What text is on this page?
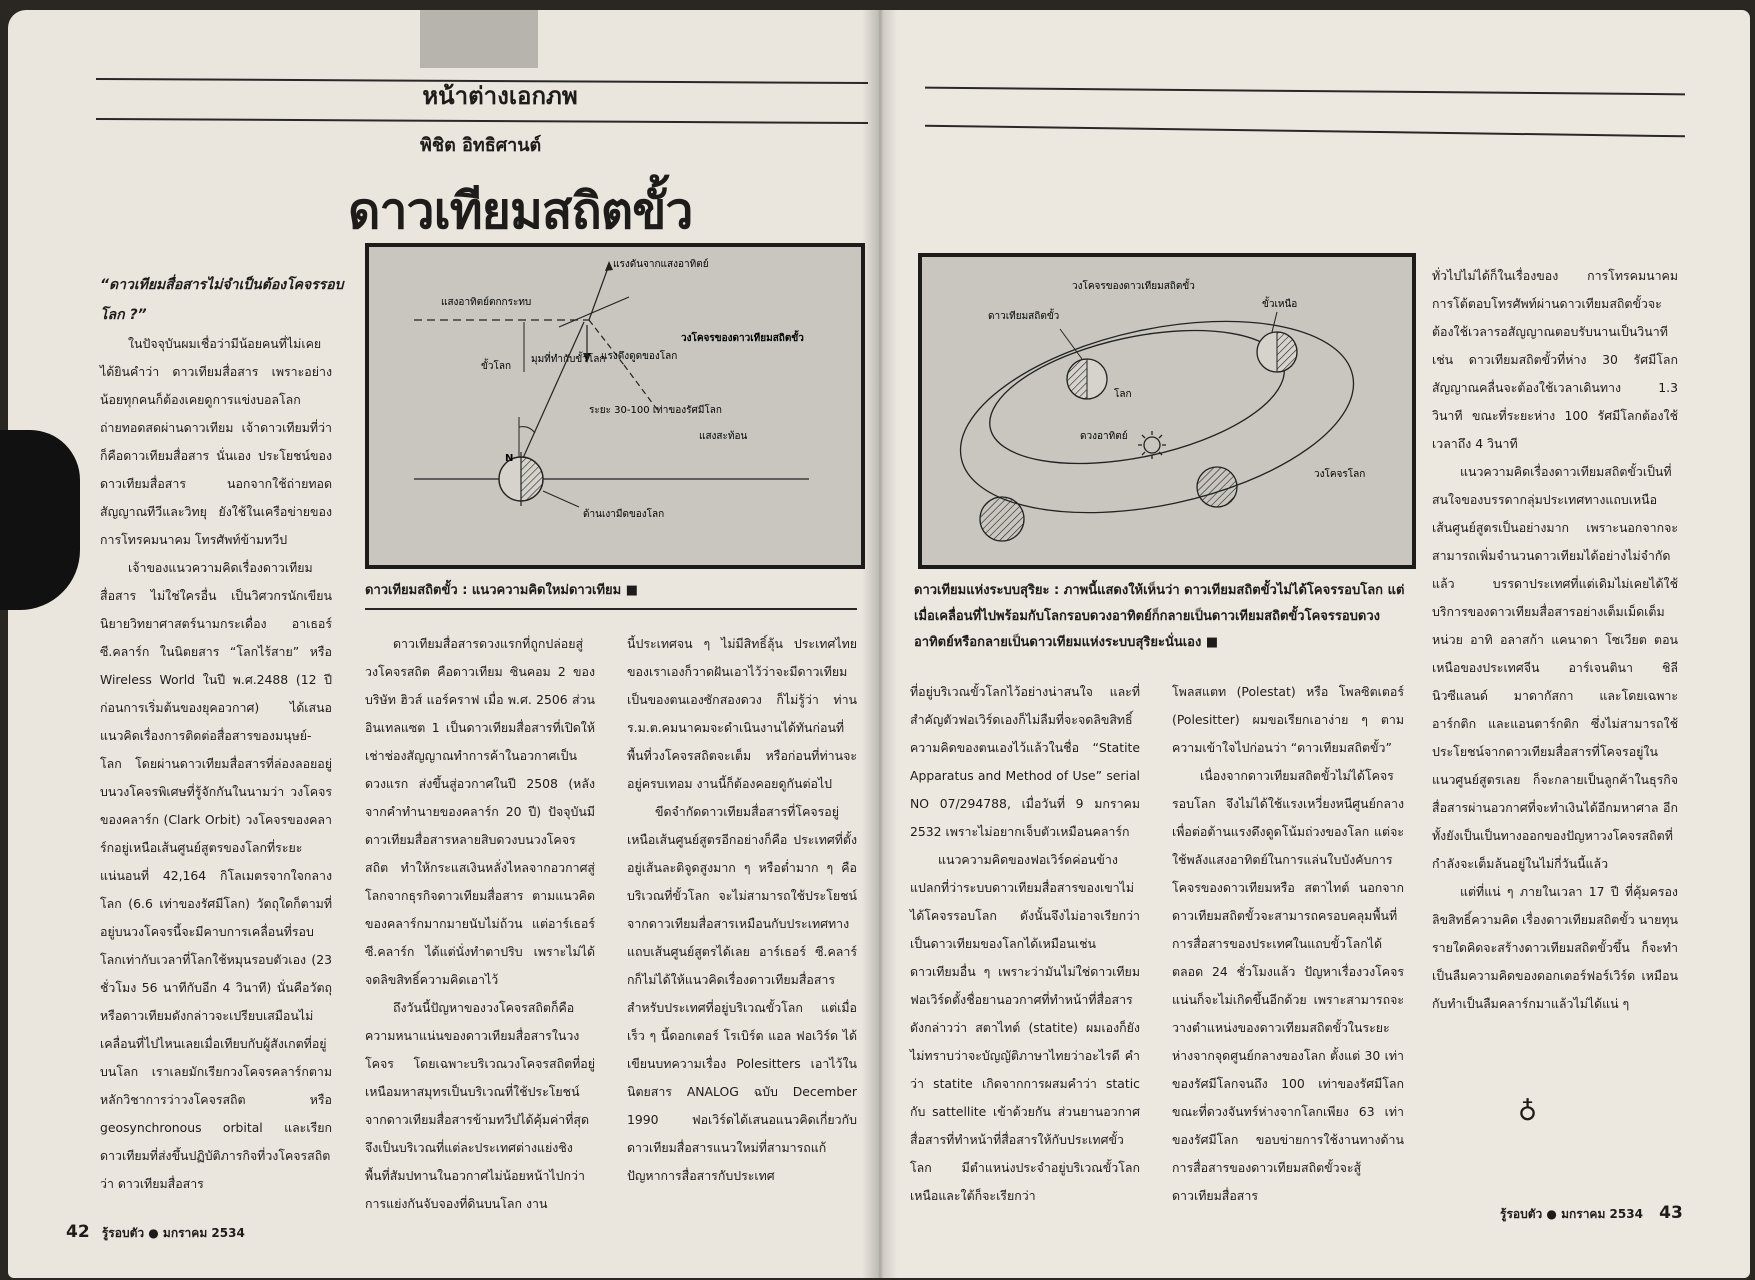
หน้าต่างเอกภพ
พิชิต อิทธิศานต์
ดาวเทียมสถิตขั้ว
“ดาวเทียมสื่อสารไม่จำเป็นต้องโคจรรอบโลก ?”

ในปัจจุบันผมเชื่อว่ามีน้อยคนที่ไม่เคยได้ยินคำว่า ดาวเทียมสื่อสาร เพราะอย่างน้อยทุกคนก็ต้องเคยดูการแข่งบอลโลกถ่ายทอดสดผ่านดาวเทียม เจ้าดาวเทียมที่ว่าก็คือดาวเทียมสื่อสาร นั่นเอง ประโยชน์ของดาวเทียมสื่อสาร นอกจากใช้ถ่ายทอดสัญญาณทีวีและวิทยุ ยังใช้ในเครือข่ายของการโทรคมนาคม โทรศัพท์ข้ามทวีป

เจ้าของแนวความคิดเรื่องดาวเทียมสื่อสาร ไม่ใช่ใครอื่น เป็นวิศวกรนักเขียนนิยายวิทยาศาสตร์นามกระเดื่อง อาเธอร์ ซี.คลาร์ก ในนิตยสาร “โลกไร้สาย” หรือ Wireless World ในปี พ.ศ.2488 (12 ปีก่อนการเริ่มต้นของยุคอวกาศ) ได้เสนอแนวคิดเรื่องการติดต่อสื่อสารของมนุษย์-โลก โดยผ่านดาวเทียมสื่อสารที่ล่องลอยอยู่บนวงโคจรพิเศษที่รู้จักกันในนามว่า วงโคจรของคลาร์ก (Clark Orbit) วงโคจรของคลาร์กอยู่เหนือเส้นศูนย์สูตรของโลกที่ระยะแน่นอนที่ 42,164 กิโลเมตรจากใจกลางโลก (6.6 เท่าของรัศมีโลก) วัตถุใดก็ตามที่อยู่บนวงโคจรนี้จะมีคาบการเคลื่อนที่รอบโลกเท่ากับเวลาที่โลกใช้หมุนรอบตัวเอง (23 ชั่วโมง 56 นาทีกับอีก 4 วินาที) นั่นคือวัตถุหรือดาวเทียมดังกล่าวจะเปรียบเสมือนไม่เคลื่อนที่ไปไหนเลยเมื่อเทียบกับผู้สังเกตที่อยู่บนโลก เราเลยมักเรียกวงโคจรคลาร์กตามหลักวิชาการว่าวงโคจรสถิต หรือ geosynchronous orbital และเรียกดาวเทียมที่ส่งขึ้นปฏิบัติภารกิจที่วงโคจรสถิตว่า ดาวเทียมสื่อสาร

แสงอาทิตย์ตกกระทบ
แรงดันจากแสงอาทิตย์
วงโคจรของดาวเทียมสถิตขั้ว
ขั้วโลก
มุมที่ทำกับขั้วโลก
แรงดึงดูดของโลก
ระยะ 30-100 เท่าของรัศมีโลก
แสงสะท้อน
N
ด้านเงามืดของโลก
ดาวเทียมสถิตขั้ว : แนวความคิดใหม่ดาวเทียม ■

ดาวเทียมสื่อสารดวงแรกที่ถูกปล่อยสู่วงโคจรสถิต คือดาวเทียม ซินคอม 2 ของบริษัท ฮิวส์ แอร์คราฟ เมื่อ พ.ศ. 2506 ส่วนอินเทลแซต 1 เป็นดาวเทียมสื่อสารที่เปิดให้เช่าช่องสัญญาณทำการค้าในอวกาศเป็นดวงแรก ส่งขึ้นสู่อวกาศในปี 2508 (หลังจากคำทำนายของคลาร์ก 20 ปี) ปัจจุบันมีดาวเทียมสื่อสารหลายสิบดวงบนวงโคจรสถิต ทำให้กระแสเงินหลั่งไหลจากอวกาศสู่โลกจากธุรกิจดาวเทียมสื่อสาร ตามแนวคิดของคลาร์กมากมายนับไม่ถ้วน แต่อาร์เธอร์ ซี.คลาร์ก ได้แต่นั่งทำตาปริบ เพราะไม่ได้จดลิขสิทธิ์ความคิดเอาไว้

ถึงวันนี้ปัญหาของวงโคจรสถิตก็คือ ความหนาแน่นของดาวเทียมสื่อสารในวงโคจร โดยเฉพาะบริเวณวงโคจรสถิตที่อยู่เหนือมหาสมุทรเป็นบริเวณที่ใช้ประโยชน์จากดาวเทียมสื่อสารข้ามทวีปได้คุ้มค่าที่สุด จึงเป็นบริเวณที่แต่ละประเทศต่างแย่งชิงพื้นที่สัมปทานในอวกาศไม่น้อยหน้าไปกว่าการแย่งกันจับจองที่ดินบนโลก งาน

นี้ประเทศจน ๆ ไม่มีสิทธิ์ลุ้น ประเทศไทยของเราเองก็วาดฝันเอาไว้ว่าจะมีดาวเทียมเป็นของตนเองซักสองดวง ก็ไม่รู้ว่า ท่าน ร.ม.ต.คมนาคมจะดำเนินงานได้ทันก่อนที่พื้นที่วงโคจรสถิตจะเต็ม หรือก่อนที่ท่านจะอยู่ครบเทอม งานนี้ก็ต้องคอยดูกันต่อไป

ขีดจำกัดดาวเทียมสื่อสารที่โคจรอยู่เหนือเส้นศูนย์สูตรอีกอย่างก็คือ ประเทศที่ตั้งอยู่เส้นละติจูดสูงมาก ๆ หรือต่ำมาก ๆ คือบริเวณที่ขั้วโลก จะไม่สามารถใช้ประโยชน์จากดาวเทียมสื่อสารเหมือนกับประเทศทางแถบเส้นศูนย์สูตรได้เลย อาร์เธอร์ ซี.คลาร์กก็ไม่ได้ให้แนวคิดเรื่องดาวเทียมสื่อสารสำหรับประเทศที่อยู่บริเวณขั้วโลก แต่เมื่อเร็ว ๆ นี้ดอกเตอร์ โรเบิร์ต แอล ฟอเวิร์ด ได้เขียนบทความเรื่อง Polesitters เอาไว้ในนิตยสาร ANALOG ฉบับ December 1990 ฟอเวิร์ดได้เสนอแนวคิดเกี่ยวกับดาวเทียมสื่อสารแนวใหม่ที่สามารถแก้ปัญหาการสื่อสารกับประเทศ

42 รู้รอบตัว ● มกราคม 2534
วงโคจรของดาวเทียมสถิตขั้ว
ดาวเทียมสถิตขั้ว
ขั้วเหนือ
โลก
ดวงอาทิตย์
วงโคจรโลก
ดาวเทียมแห่งระบบสุริยะ : ภาพนี้แสดงให้เห็นว่า ดาวเทียมสถิตขั้วไม่ได้โคจรรอบโลก แต่เมื่อเคลื่อนที่ไปพร้อมกับโลกรอบดวงอาทิตย์ก็กลายเป็นดาวเทียมสถิตขั้วโคจรรอบดวงอาทิตย์หรือกลายเป็นดาวเทียมแห่งระบบสุริยะนั่นเอง ■

ที่อยู่บริเวณขั้วโลกไว้อย่างน่าสนใจ และที่สำคัญตัวฟอเวิร์ดเองก็ไม่ลืมที่จะจดลิขสิทธิ์ความคิดของตนเองไว้แล้วในชื่อ “Statite Apparatus and Method of Use” serial NO 07/294788, เมื่อวันที่ 9 มกราคม 2532 เพราะไม่อยากเจ็บตัวเหมือนคลาร์ก

แนวความคิดของฟอเวิร์ดค่อนข้างแปลกที่ว่าระบบดาวเทียมสื่อสารของเขาไม่ได้โคจรรอบโลก ดังนั้นจึงไม่อาจเรียกว่าเป็นดาวเทียมของโลกได้เหมือนเช่นดาวเทียมอื่น ๆ เพราะว่ามันไม่ใช่ดาวเทียม ฟอเวิร์ดตั้งชื่อยานอวกาศที่ทำหน้าที่สื่อสารดังกล่าวว่า สตาไทต์ (statite) ผมเองก็ยังไม่ทราบว่าจะบัญญัติภาษาไทยว่าอะไรดี คำว่า statite เกิดจากการผสมคำว่า static กับ sattellite เข้าด้วยกัน ส่วนยานอวกาศสื่อสารที่ทำหน้าที่สื่อสารให้กับประเทศขั้วโลก มีตำแหน่งประจำอยู่บริเวณขั้วโลกเหนือและใต้ก็จะเรียกว่า

โพลสแตท (Polestat) หรือ โพลซิตเตอร์ (Polesitter) ผมขอเรียกเอาง่าย ๆ ตามความเข้าใจไปก่อนว่า “ดาวเทียมสถิตขั้ว”

เนื่องจากดาวเทียมสถิตขั้วไม่ได้โคจรรอบโลก จึงไม่ได้ใช้แรงเหวี่ยงหนีศูนย์กลางเพื่อต่อต้านแรงดึงดูดโน้มถ่วงของโลก แต่จะใช้พลังแสงอาทิตย์ในการแล่นใบบังคับการโคจรของดาวเทียมหรือ สตาไทต์ นอกจากดาวเทียมสถิตขั้วจะสามารถครอบคลุมพื้นที่การสื่อสารของประเทศในแถบขั้วโลกได้ตลอด 24 ชั่วโมงแล้ว ปัญหาเรื่องวงโคจรแน่นก็จะไม่เกิดขึ้นอีกด้วย เพราะสามารถจะวางตำแหน่งของดาวเทียมสถิตขั้วในระยะห่างจากจุดศูนย์กลางของโลก ตั้งแต่ 30 เท่าของรัศมีโลกจนถึง 100 เท่าของรัศมีโลก ขณะที่ดวงจันทร์ห่างจากโลกเพียง 63 เท่าของรัศมีโลก ขอบข่ายการใช้งานทางด้านการสื่อสารของดาวเทียมสถิตขั้วจะสู้ดาวเทียมสื่อสาร

ทั่วไปไม่ได้ก็ในเรื่องของ การโทรคมนาคม การโต้ตอบโทรศัพท์ผ่านดาวเทียมสถิตขั้วจะต้องใช้เวลารอสัญญาณตอบรับนานเป็นวินาที เช่น ดาวเทียมสถิตขั้วที่ห่าง 30 รัศมีโลก สัญญาณคลื่นจะต้องใช้เวลาเดินทาง 1.3 วินาที ขณะที่ระยะห่าง 100 รัศมีโลกต้องใช้เวลาถึง 4 วินาที

แนวความคิดเรื่องดาวเทียมสถิตขั้วเป็นที่สนใจของบรรดากลุ่มประเทศทางแถบเหนือเส้นศูนย์สูตรเป็นอย่างมาก เพราะนอกจากจะสามารถเพิ่มจำนวนดาวเทียมได้อย่างไม่จำกัดแล้ว บรรดาประเทศที่แต่เดิมไม่เคยได้ใช้บริการของดาวเทียมสื่อสารอย่างเต็มเม็ดเต็มหน่วย อาทิ อลาสก้า แคนาดา โซเวียต ตอนเหนือของประเทศจีน อาร์เจนตินา ชิลี นิวซีแลนด์ มาดากัสกา และโดยเฉพาะอาร์กติก และแอนตาร์กติก ซึ่งไม่สามารถใช้ประโยชน์จากดาวเทียมสื่อสารที่โคจรอยู่ในแนวศูนย์สูตรเลย ก็จะกลายเป็นลูกค้าในธุรกิจสื่อสารผ่านอวกาศที่จะทำเงินได้อีกมหาศาล อีกทั้งยังเป็นเป็นทางออกของปัญหาวงโคจรสถิตที่กำลังจะเต็มล้นอยู่ในไม่กี่วันนี้แล้ว

แต่ที่แน่ ๆ ภายในเวลา 17 ปี ที่คุ้มครองลิขสิทธิ์ความคิด เรื่องดาวเทียมสถิตขั้ว นายทุนรายใดคิดจะสร้างดาวเทียมสถิตขั้วขึ้น ก็จะทำเป็นลืมความคิดของดอกเตอร์ฟอร์เวิร์ด เหมือนกับทำเป็นลืมคลาร์กมาแล้วไม่ได้แน่ ๆ

♁
รู้รอบตัว ● มกราคม 2534 43
